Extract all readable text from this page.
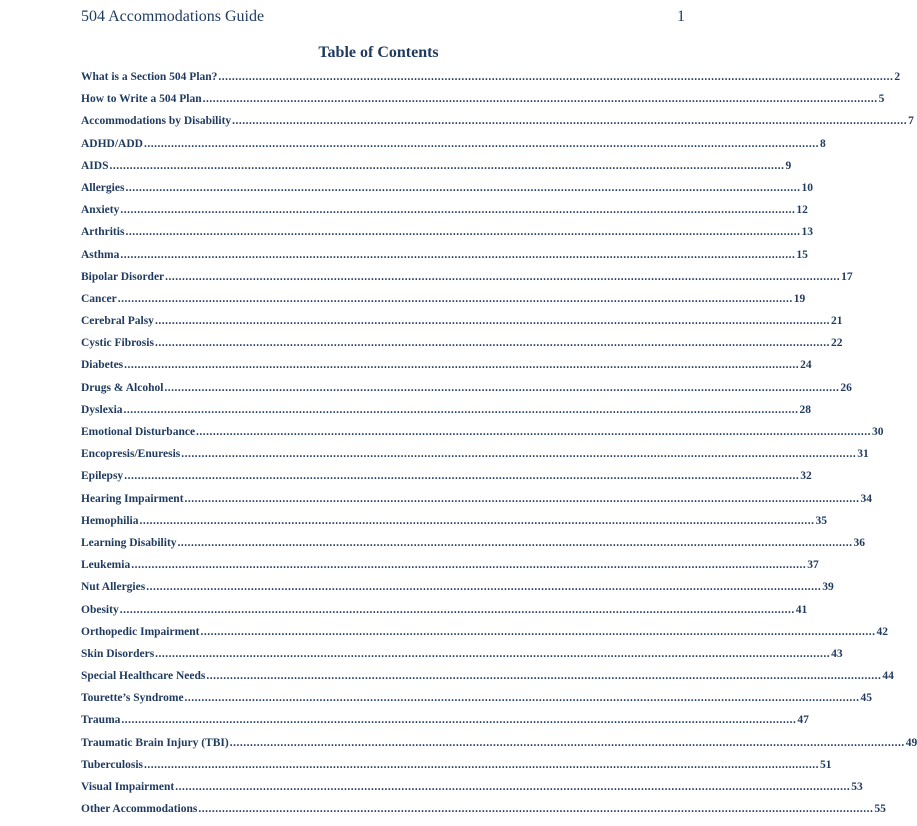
504 Accommodations Guide	1
Table of Contents
What is a Section 504 Plan? ........................................................................................................................................................................................................ 2
How to Write a 504 Plan ........................................................................................................................................................................................................ 5
Accommodations by Disability ........................................................................................................................................................................................................ 7
ADHD/ADD ........................................................................................................................................................................................................ 8
AIDS ........................................................................................................................................................................................................ 9
Allergies ........................................................................................................................................................................................................ 10
Anxiety ........................................................................................................................................................................................................ 12
Arthritis ........................................................................................................................................................................................................ 13
Asthma ........................................................................................................................................................................................................ 15
Bipolar Disorder ........................................................................................................................................................................................................ 17
Cancer ........................................................................................................................................................................................................ 19
Cerebral Palsy ........................................................................................................................................................................................................ 21
Cystic Fibrosis ........................................................................................................................................................................................................ 22
Diabetes ........................................................................................................................................................................................................ 24
Drugs & Alcohol ........................................................................................................................................................................................................ 26
Dyslexia ........................................................................................................................................................................................................ 28
Emotional Disturbance ........................................................................................................................................................................................................ 30
Encopresis/Enuresis ........................................................................................................................................................................................................ 31
Epilepsy ........................................................................................................................................................................................................ 32
Hearing Impairment ........................................................................................................................................................................................................ 34
Hemophilia ........................................................................................................................................................................................................ 35
Learning Disability ........................................................................................................................................................................................................ 36
Leukemia ........................................................................................................................................................................................................ 37
Nut Allergies ........................................................................................................................................................................................................ 39
Obesity ........................................................................................................................................................................................................ 41
Orthopedic Impairment ........................................................................................................................................................................................................ 42
Skin Disorders ........................................................................................................................................................................................................ 43
Special Healthcare Needs ........................................................................................................................................................................................................ 44
Tourette’s Syndrome ........................................................................................................................................................................................................ 45
Trauma ........................................................................................................................................................................................................ 47
Traumatic Brain Injury (TBI) ........................................................................................................................................................................................................ 49
Tuberculosis ........................................................................................................................................................................................................ 51
Visual Impairment ........................................................................................................................................................................................................ 53
Other Accommodations ........................................................................................................................................................................................................ 55
